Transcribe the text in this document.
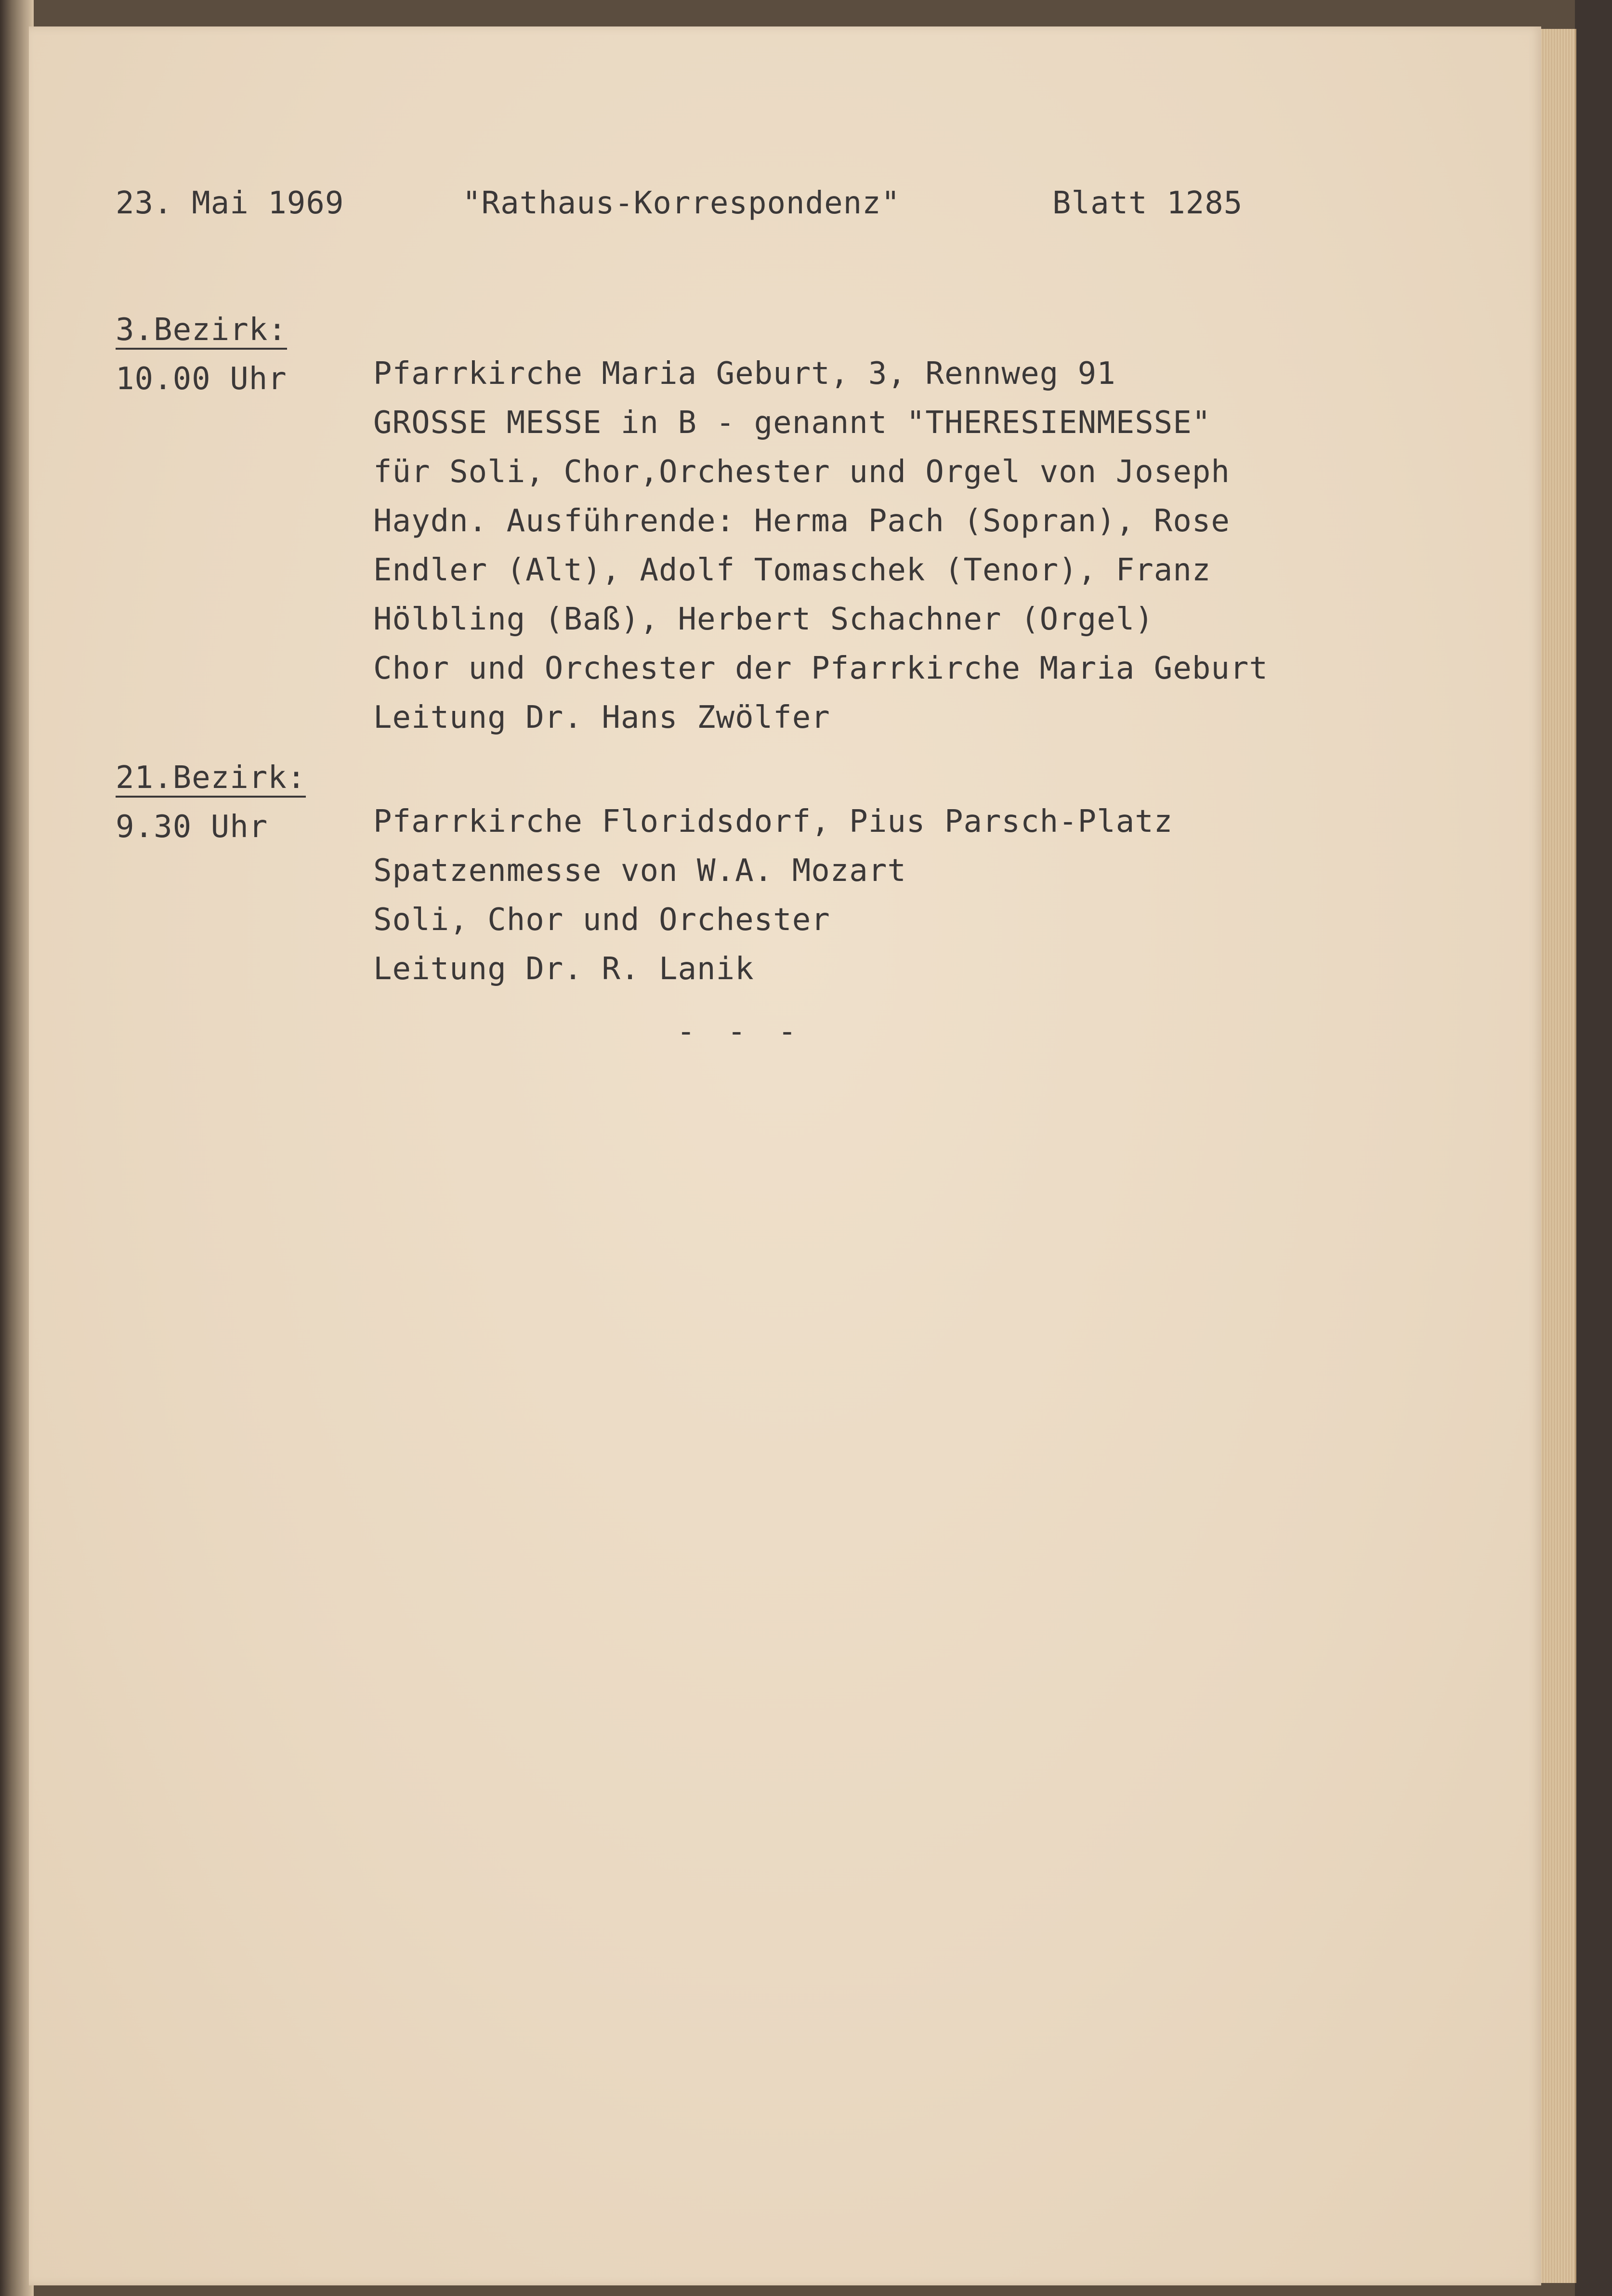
23. Mai 1969	"Rathaus-Korrespondenz"	Blatt 1285
3.Bezirk:
10.00 Uhr	Pfarrkirche Maria Geburt, 3, Rennweg 91
GROSSE MESSE in B - genannt "THERESIENMESSE"
für Soli, Chor,Orchester und Orgel von Joseph
Haydn. Ausführende: Herma Pach (Sopran), Rose
Endler (Alt), Adolf Tomaschek (Tenor), Franz
Hölbling (Baß), Herbert Schachner (Orgel)
Chor und Orchester der Pfarrkirche Maria Geburt
Leitung Dr. Hans Zwölfer
21.Bezirk:
9.30 Uhr	Pfarrkirche Floridsdorf, Pius Parsch-Platz
Spatzenmesse von W.A. Mozart
Soli, Chor und Orchester
Leitung Dr. R. Lanik
- - -
